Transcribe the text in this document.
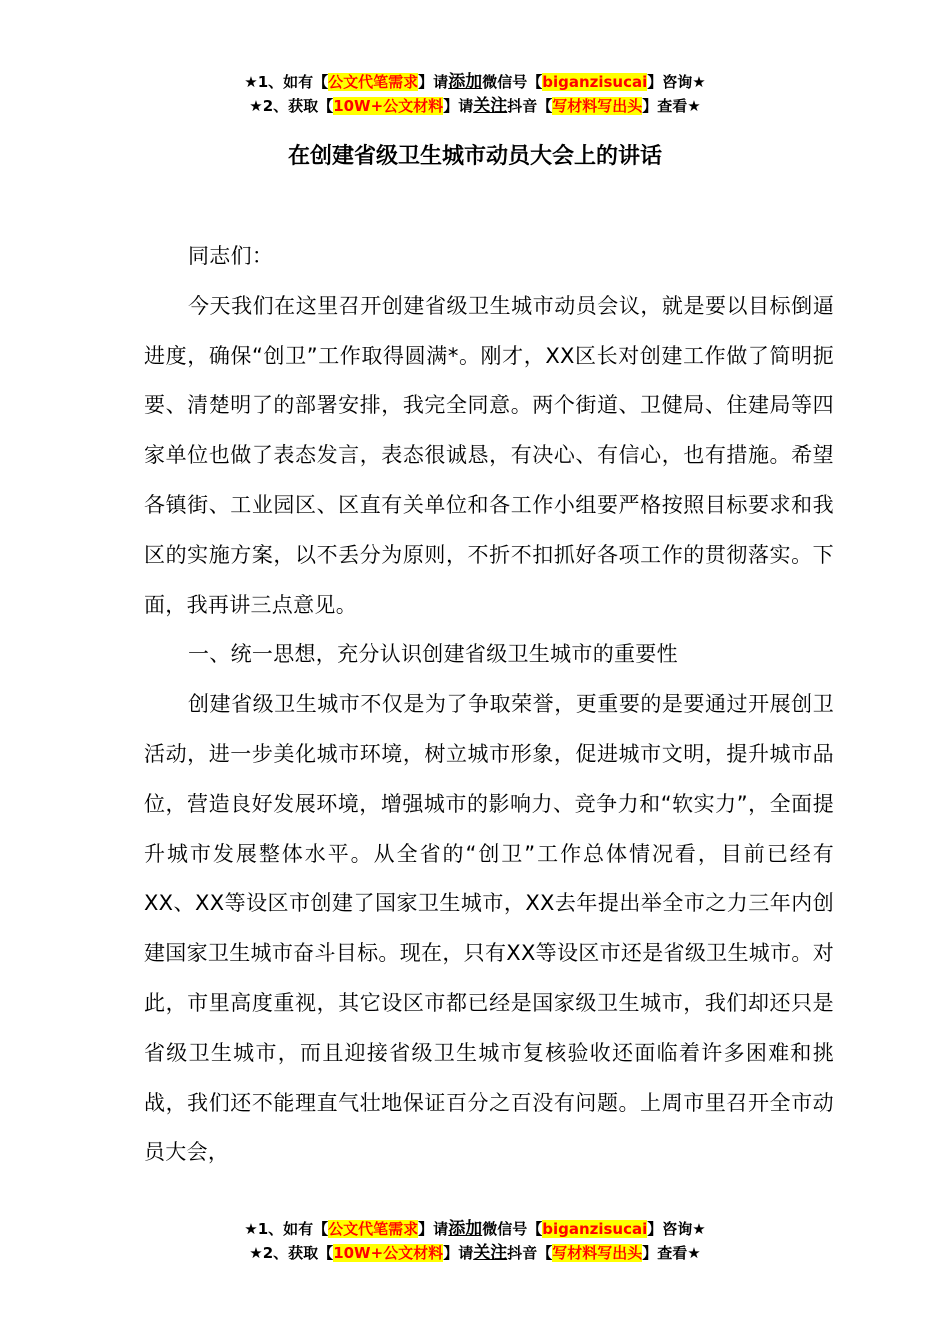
★1、如有【公文代笔需求】请添加微信号【biganzisucai】咨询★
★2、获取【10W+公文材料】请关注抖音【写材料写出头】查看★
在创建省级卫生城市动员大会上的讲话

同志们：

今天我们在这里召开创建省级卫生城市动员会议，就是要以目标倒逼进度，确保“创卫”工作取得圆满*。刚才，XX区长对创建工作做了简明扼要、清楚明了的部署安排，我完全同意。两个街道、卫健局、住建局等四家单位也做了表态发言，表态很诚恳，有决心、有信心，也有措施。希望各镇街、工业园区、区直有关单位和各工作小组要严格按照目标要求和我区的实施方案，以不丢分为原则，不折不扣抓好各项工作的贯彻落实。下面，我再讲三点意见。

一、统一思想，充分认识创建省级卫生城市的重要性

创建省级卫生城市不仅是为了争取荣誉，更重要的是要通过开展创卫活动，进一步美化城市环境，树立城市形象，促进城市文明，提升城市品位，营造良好发展环境，增强城市的影响力、竞争力和“软实力”，全面提升城市发展整体水平。从全省的“创卫”工作总体情况看，目前已经有XX、XX等设区市创建了国家卫生城市，XX去年提出举全市之力三年内创建国家卫生城市奋斗目标。现在，只有XX等设区市还是省级卫生城市。对此，市里高度重视，其它设区市都已经是国家级卫生城市，我们却还只是省级卫生城市，而且迎接省级卫生城市复核验收还面临着许多困难和挑战，我们还不能理直气壮地保证百分之百没有问题。上周市里召开全市动员大会，

★1、如有【公文代笔需求】请添加微信号【biganzisucai】咨询★
★2、获取【10W+公文材料】请关注抖音【写材料写出头】查看★
